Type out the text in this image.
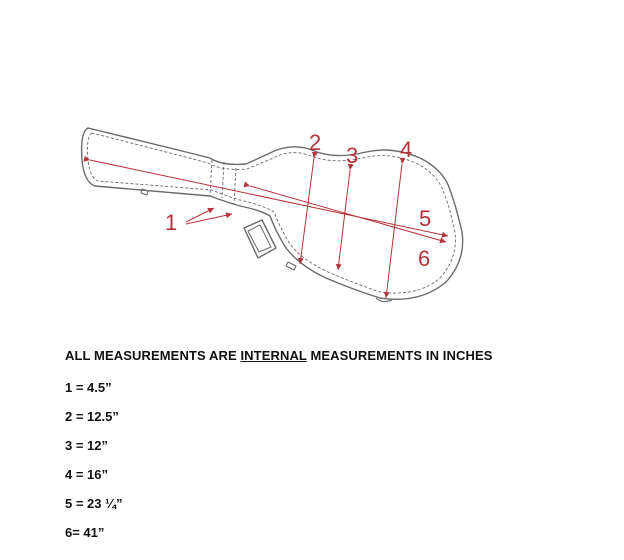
1
2
3 4
5
6

ALL MEASUREMENTS ARE INTERNAL MEASUREMENTS IN INCHES

1 = 4.5”

2 = 12.5”

3 = 12”

4 = 16”

5 = 23 ¼”

6= 41”
